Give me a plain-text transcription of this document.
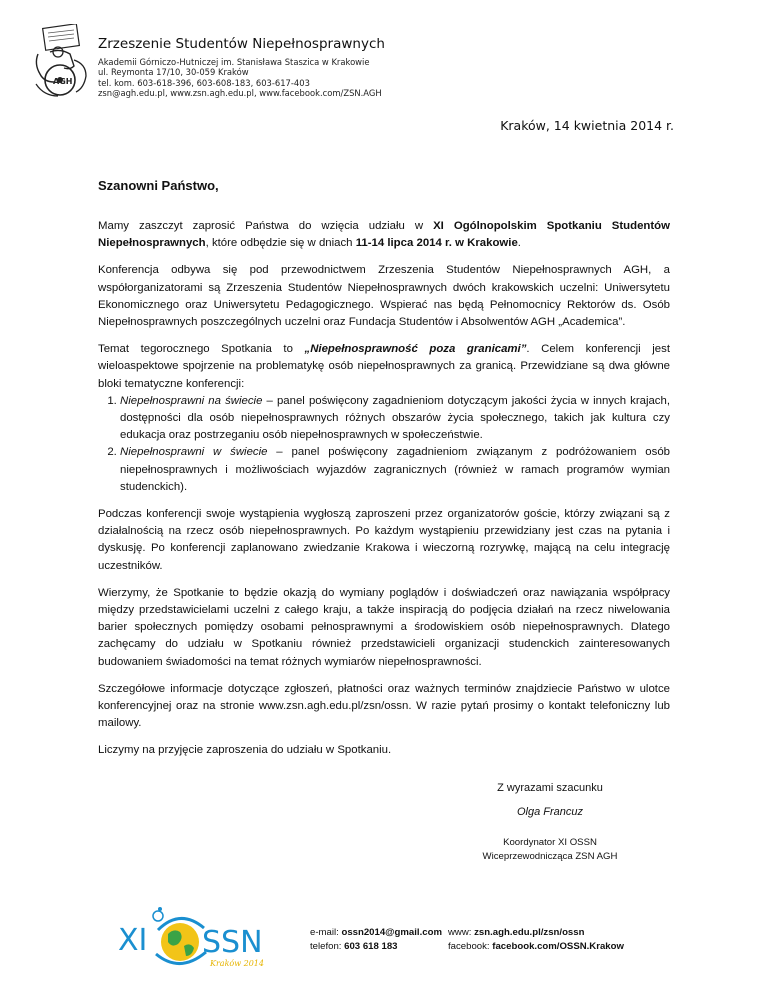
AGH
Zrzeszenie Studentów Niepełnosprawnych
Akademii Górniczo-Hutniczej im. Stanisława Staszica w Krakowie
ul. Reymonta 17/10, 30-059 Kraków
tel. kom. 603-618-396, 603-608-183, 603-617-403
zsn@agh.edu.pl, www.zsn.agh.edu.pl, www.facebook.com/ZSN.AGH
Kraków, 14 kwietnia 2014 r.
Szanowni Państwo,

Mamy zaszczyt zaprosić Państwa do wzięcia udziału w XI Ogólnopolskim Spotkaniu Studentów Niepełnosprawnych, które odbędzie się w dniach 11-14 lipca 2014 r. w Krakowie.

Konferencja odbywa się pod przewodnictwem Zrzeszenia Studentów Niepełnosprawnych AGH, a współorganizatorami są Zrzeszenia Studentów Niepełnosprawnych dwóch krakowskich uczelni: Uniwersytetu Ekonomicznego oraz Uniwersytetu Pedagogicznego. Wspierać nas będą Pełnomocnicy Rektorów ds. Osób Niepełnosprawnych poszczególnych uczelni oraz Fundacja Studentów i Absolwentów AGH „Academica”.

Temat tegorocznego Spotkania to „Niepełnosprawność poza granicami”. Celem konferencji jest wieloaspektowe spojrzenie na problematykę osób niepełnosprawnych za granicą. Przewidziane są dwa główne bloki tematyczne konferencji:

1. Niepełnosprawni na świecie – panel poświęcony zagadnieniom dotyczącym jakości życia w innych krajach, dostępności dla osób niepełnosprawnych różnych obszarów życia społecznego, takich jak kultura czy edukacja oraz postrzeganiu osób niepełnosprawnych w społeczeństwie.
2. Niepełnosprawni w świecie – panel poświęcony zagadnieniom związanym z podróżowaniem osób niepełnosprawnych i możliwościach wyjazdów zagranicznych (również w ramach programów wymian studenckich).

Podczas konferencji swoje wystąpienia wygłoszą zaproszeni przez organizatorów goście, którzy związani są z działalnością na rzecz osób niepełnosprawnych. Po każdym wystąpieniu przewidziany jest czas na pytania i dyskusję. Po konferencji zaplanowano zwiedzanie Krakowa i wieczorną rozrywkę, mającą na celu integrację uczestników.

Wierzymy, że Spotkanie to będzie okazją do wymiany poglądów i doświadczeń oraz nawiązania współpracy między przedstawicielami uczelni z całego kraju, a także inspiracją do podjęcia działań na rzecz niwelowania barier społecznych pomiędzy osobami pełnosprawnymi a środowiskiem osób niepełnosprawnych. Dlatego zachęcamy do udziału w Spotkaniu również przedstawicieli organizacji studenckich zainteresowanych budowaniem świadomości na temat różnych wymiarów niepełnosprawności.

Szczegółowe informacje dotyczące zgłoszeń, płatności oraz ważnych terminów znajdziecie Państwo w ulotce konferencyjnej oraz na stronie www.zsn.agh.edu.pl/zsn/ossn. W razie pytań prosimy o kontakt telefoniczny lub mailowy.

Liczymy na przyjęcie zaproszenia do udziału w Spotkaniu.

Z wyrazami szacunku
Olga Francuz
Koordynator XI OSSN
Wiceprzewodnicząca ZSN AGH
XI SSN
Kraków 2014
e-mail: ossn2014@gmail.com
telefon: 603 618 183
www: zsn.agh.edu.pl/zsn/ossn
facebook: facebook.com/OSSN.Krakow
